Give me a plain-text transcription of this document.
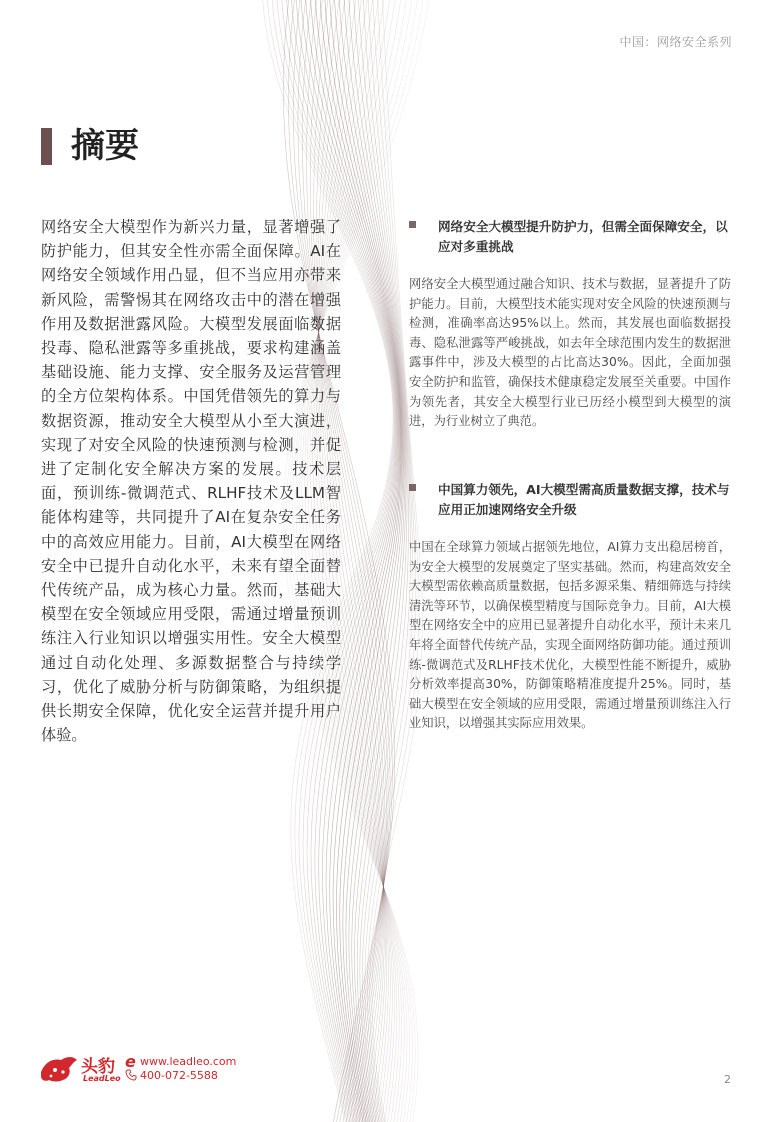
中国：网络安全系列
摘要

网络安全大模型作为新兴力量，显著增强了防护能力，但其安全性亦需全面保障。AI在网络安全领域作用凸显，但不当应用亦带来新风险，需警惕其在网络攻击中的潜在增强作用及数据泄露风险。大模型发展面临数据投毒、隐私泄露等多重挑战，要求构建涵盖基础设施、能力支撑、安全服务及运营管理的全方位架构体系。中国凭借领先的算力与数据资源，推动安全大模型从小至大演进，实现了对安全风险的快速预测与检测，并促进了定制化安全解决方案的发展。技术层面，预训练-微调范式、RLHF技术及LLM智能体构建等，共同提升了AI在复杂安全任务中的高效应用能力。目前，AI大模型在网络安全中已提升自动化水平，未来有望全面替代传统产品，成为核心力量。然而，基础大模型在安全领域应用受限，需通过增量预训练注入行业知识以增强实用性。安全大模型通过自动化处理、多源数据整合与持续学习，优化了威胁分析与防御策略，为组织提供长期安全保障，优化安全运营并提升用户体验。

网络安全大模型提升防护力，但需全面保障安全，以应对多重挑战

网络安全大模型通过融合知识、技术与数据，显著提升了防护能力。目前，大模型技术能实现对安全风险的快速预测与检测，准确率高达95%以上。然而，其发展也面临数据投毒、隐私泄露等严峻挑战，如去年全球范围内发生的数据泄露事件中，涉及大模型的占比高达30%。因此，全面加强安全防护和监管，确保技术健康稳定发展至关重要。中国作为领先者，其安全大模型行业已历经小模型到大模型的演进，为行业树立了典范。

中国算力领先，AI大模型需高质量数据支撑，技术与应用正加速网络安全升级

中国在全球算力领域占据领先地位，AI算力支出稳居榜首，为安全大模型的发展奠定了坚实基础。然而，构建高效安全大模型需依赖高质量数据，包括多源采集、精细筛选与持续清洗等环节，以确保模型精度与国际竞争力。目前，AI大模型在网络安全中的应用已显著提升自动化水平，预计未来几年将全面替代传统产品，实现全面网络防御功能。通过预训练-微调范式及RLHF技术优化，大模型性能不断提升，威胁分析效率提高30%，防御策略精准度提升25%。同时，基础大模型在安全领域的应用受限，需通过增量预训练注入行业知识，以增强其实际应用效果。

头豹
LeadLeo
e www.leadleo.com
400-072-5588	2
